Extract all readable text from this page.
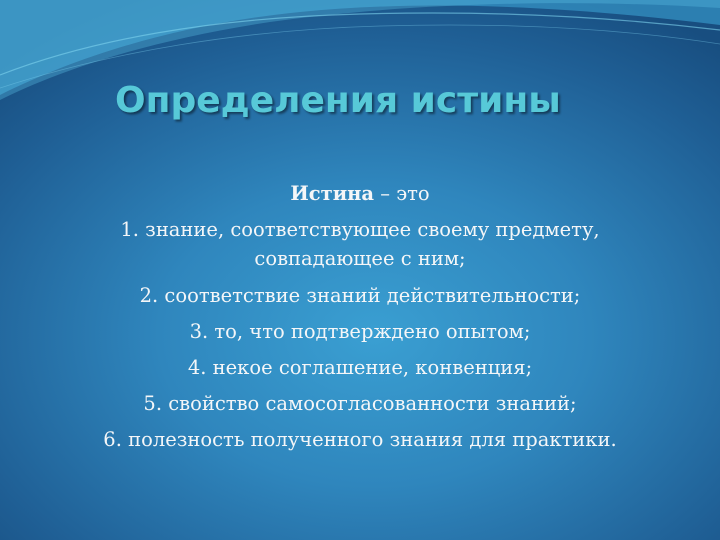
Определения истины
Истина – это
1. знание, соответствующее своему предмету,
совпадающее с ним;
2. соответствие знаний действительности;
3. то, что подтверждено опытом;
4. некое соглашение, конвенция;
5. свойство самосогласованности знаний;
6. полезность полученного знания для практики.
